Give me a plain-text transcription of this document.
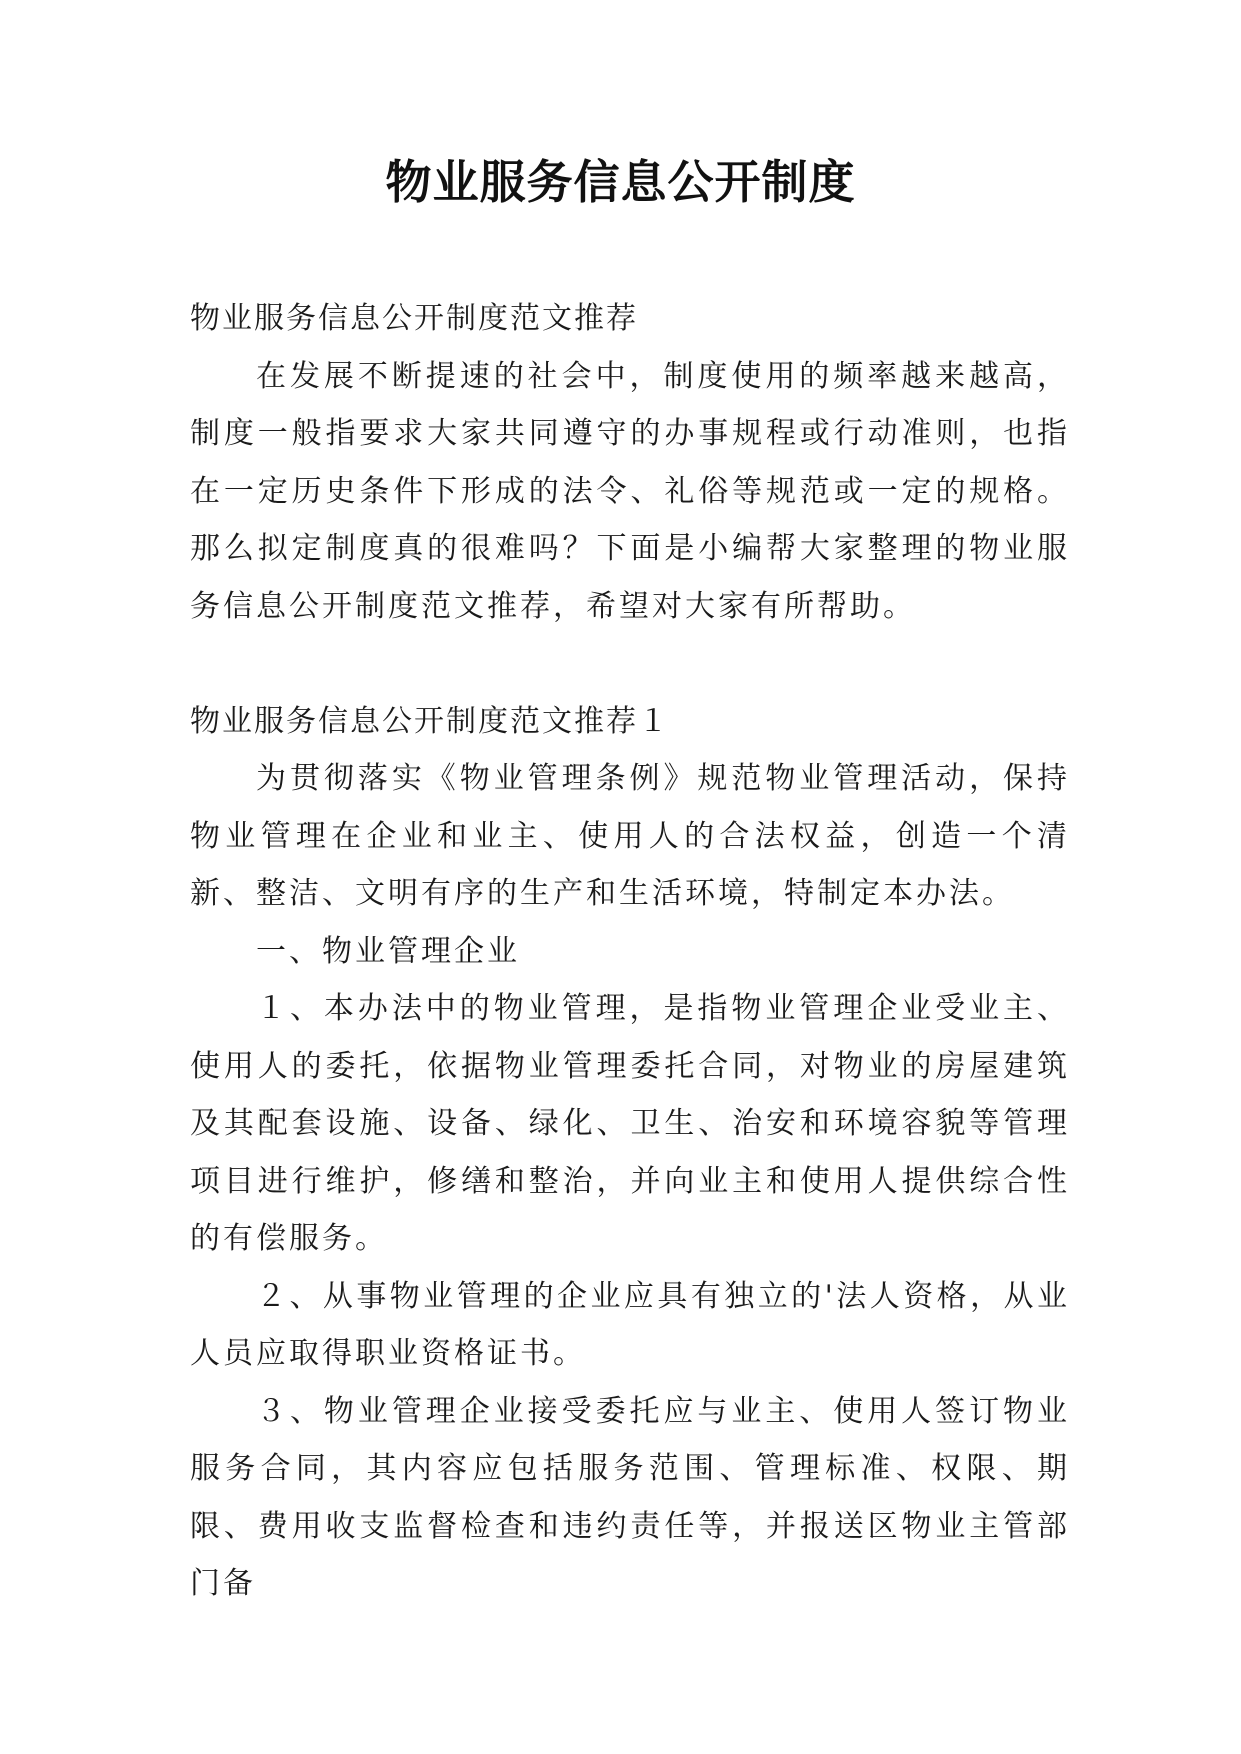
物业服务信息公开制度

物业服务信息公开制度范文推荐

在发展不断提速的社会中，制度使用的频率越来越高，制度一般指要求大家共同遵守的办事规程或行动准则，也指在一定历史条件下形成的法令、礼俗等规范或一定的规格。那么拟定制度真的很难吗？下面是小编帮大家整理的物业服务信息公开制度范文推荐，希望对大家有所帮助。

物业服务信息公开制度范文推荐１

为贯彻落实《物业管理条例》规范物业管理活动，保持物业管理在企业和业主、使用人的合法权益，创造一个清新、整洁、文明有序的生产和生活环境，特制定本办法。

一、物业管理企业

１、本办法中的物业管理，是指物业管理企业受业主、使用人的委托，依据物业管理委托合同，对物业的房屋建筑及其配套设施、设备、绿化、卫生、治安和环境容貌等管理项目进行维护，修缮和整治，并向业主和使用人提供综合性的有偿服务。

２、从事物业管理的企业应具有独立的'法人资格，从业人员应取得职业资格证书。

３、物业管理企业接受委托应与业主、使用人签订物业服务合同，其内容应包括服务范围、管理标准、权限、期限、费用收支监督检查和违约责任等，并报送区物业主管部门备
